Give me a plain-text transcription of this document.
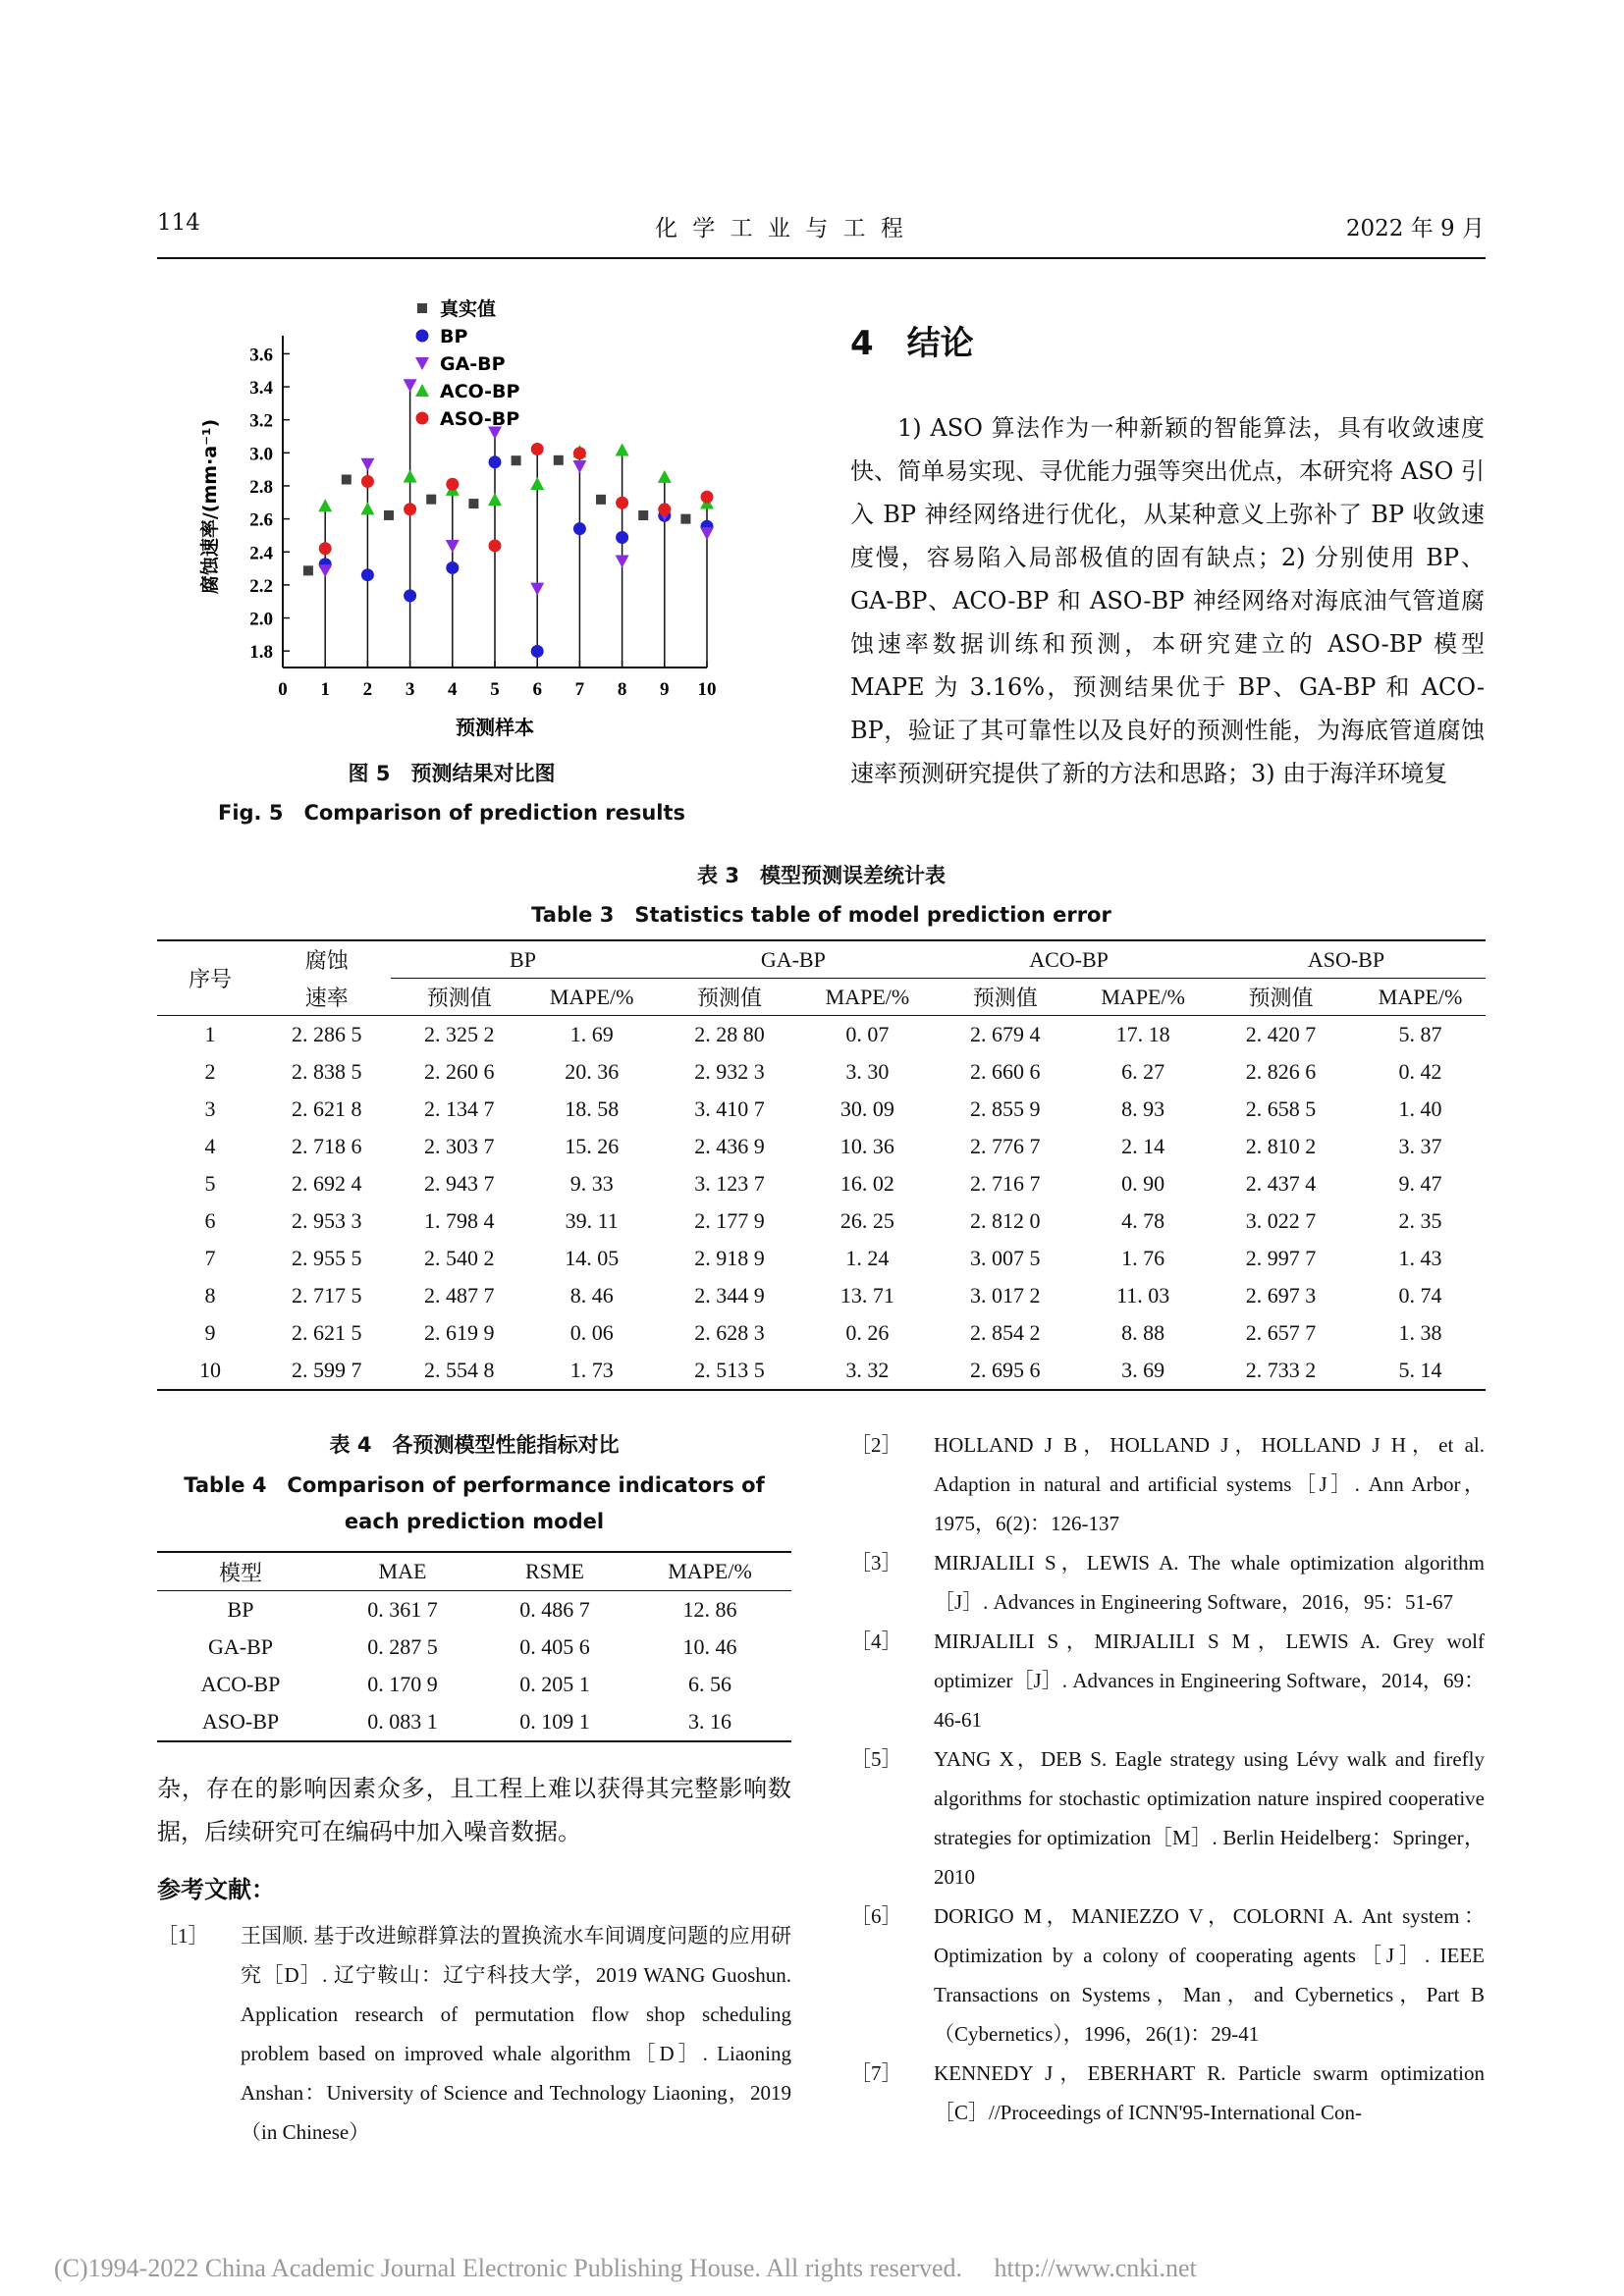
114	化 学 工 业 与 工 程	2022 年 9 月
1.8
2.0
2.2
2.4
2.6
2.8
3.0
3.2
3.4
3.6
0 1 2 3 4 5 6 7 8 9 10
预测样本
腐蚀速率/(mm·a⁻¹)
真实值
BP
GA-BP
ACO-BP
ASO-BP
图 5　预测结果对比图
Fig. 5　Comparison of prediction results
4　结论

1) ASO 算法作为一种新颖的智能算法，具有收敛速度快、简单易实现、寻优能力强等突出优点，本研究将 ASO 引入 BP 神经网络进行优化，从某种意义上弥补了 BP 收敛速度慢，容易陷入局部极值的固有缺点；2) 分别使用 BP、GA-BP、ACO-BP 和 ASO-BP 神经网络对海底油气管道腐蚀速率数据训练和预测，本研究建立的 ASO-BP 模型 MAPE 为 3.16%，预测结果优于 BP、GA-BP 和 ACO-BP，验证了其可靠性以及良好的预测性能，为海底管道腐蚀速率预测研究提供了新的方法和思路；3) 由于海洋环境复

表 3　模型预测误差统计表
Table 3　Statistics table of model prediction error
序号	腐蚀	BP		GA-BP		ACO-BP		ASO-BP	
	速率	预测值	MAPE/%	预测值	MAPE/%	预测值	MAPE/%	预测值	MAPE/%
1	2. 286 5	2. 325 2	1. 69	2. 28 80	0. 07	2. 679 4	17. 18	2. 420 7	5. 87
2	2. 838 5	2. 260 6	20. 36	2. 932 3	3. 30	2. 660 6	6. 27	2. 826 6	0. 42
3	2. 621 8	2. 134 7	18. 58	3. 410 7	30. 09	2. 855 9	8. 93	2. 658 5	1. 40
4	2. 718 6	2. 303 7	15. 26	2. 436 9	10. 36	2. 776 7	2. 14	2. 810 2	3. 37
5	2. 692 4	2. 943 7	9. 33	3. 123 7	16. 02	2. 716 7	0. 90	2. 437 4	9. 47
6	2. 953 3	1. 798 4	39. 11	2. 177 9	26. 25	2. 812 0	4. 78	3. 022 7	2. 35
7	2. 955 5	2. 540 2	14. 05	2. 918 9	1. 24	3. 007 5	1. 76	2. 997 7	1. 43
8	2. 717 5	2. 487 7	8. 46	2. 344 9	13. 71	3. 017 2	11. 03	2. 697 3	0. 74
9	2. 621 5	2. 619 9	0. 06	2. 628 3	0. 26	2. 854 2	8. 88	2. 657 7	1. 38
10	2. 599 7	2. 554 8	1. 73	2. 513 5	3. 32	2. 695 6	3. 69	2. 733 2	5. 14
表 4　各预测模型性能指标对比
Table 4　Comparison of performance indicators of
each prediction model
模型	MAE	RSME	MAPE/%
BP	0. 361 7	0. 486 7	12. 86
GA-BP	0. 287 5	0. 405 6	10. 46
ACO-BP	0. 170 9	0. 205 1	6. 56
ASO-BP	0. 083 1	0. 109 1	3. 16

杂，存在的影响因素众多，且工程上难以获得其完整影响数据，后续研究可在编码中加入噪音数据。

参考文献：

［1］ 王国顺. 基于改进鲸群算法的置换流水车间调度问题的应用研究［D］. 辽宁鞍山：辽宁科技大学，2019 WANG Guoshun. Application research of permutation flow shop scheduling problem based on improved whale algorithm［D］. Liaoning Anshan：University of Science and Technology Liaoning，2019（in Chinese）

［2］ HOLLAND J B，HOLLAND J，HOLLAND J H，et al. Adaption in natural and artificial systems［J］. Ann Arbor，1975，6(2)：126-137

［3］ MIRJALILI S，LEWIS A. The whale optimization algorithm［J］. Advances in Engineering Software，2016，95：51-67

［4］ MIRJALILI S，MIRJALILI S M，LEWIS A. Grey wolf optimizer［J］. Advances in Engineering Software，2014，69：46-61

［5］ YANG X，DEB S. Eagle strategy using Lévy walk and firefly algorithms for stochastic optimization nature inspired cooperative strategies for optimization［M］. Berlin Heidelberg：Springer，2010

［6］ DORIGO M，MANIEZZO V，COLORNI A. Ant system：Optimization by a colony of cooperating agents［J］. IEEE Transactions on Systems，Man，and Cybernetics，Part B（Cybernetics），1996，26(1)：29-41

［7］ KENNEDY J，EBERHART R. Particle swarm optimization［C］//Proceedings of ICNN'95-International Con-

(C)1994-2022 China Academic Journal Electronic Publishing House. All rights reserved.　 http://www.cnki.net
